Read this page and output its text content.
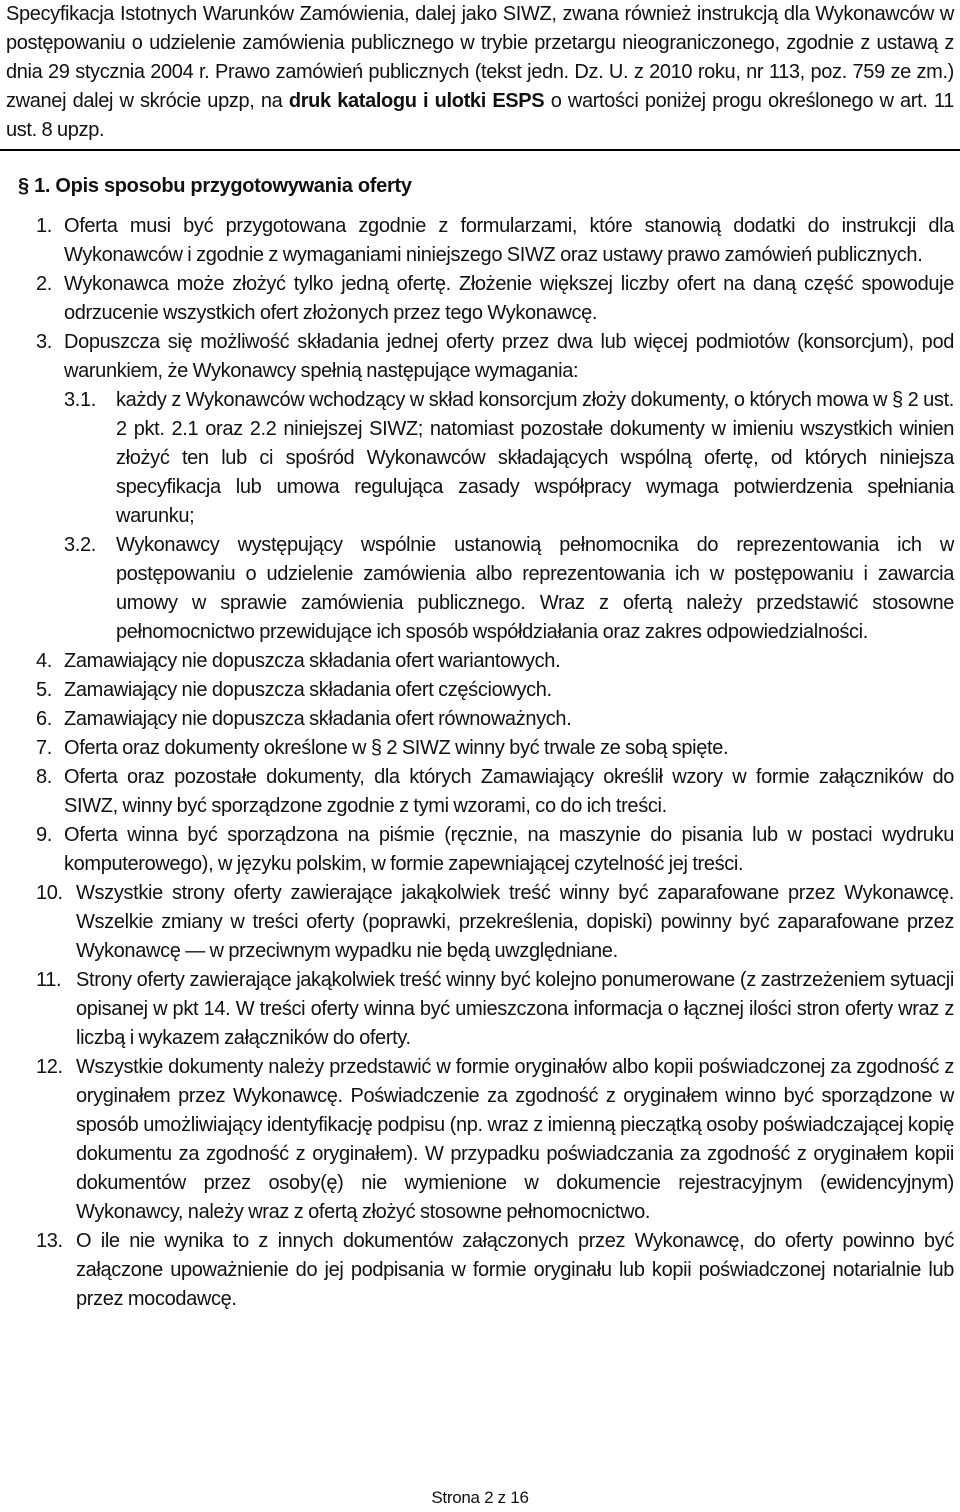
Specyfikacja Istotnych Warunków Zamówienia, dalej jako SIWZ, zwana również instrukcją dla Wykonawców w postępowaniu o udzielenie zamówienia publicznego w trybie przetargu nieograniczonego, zgodnie z ustawą z dnia 29 stycznia 2004 r. Prawo zamówień publicznych (tekst jedn. Dz. U. z 2010 roku, nr 113, poz. 759 ze zm.) zwanej dalej w skrócie upzp, na druk katalogu i ulotki ESPS o wartości poniżej progu określonego w art. 11 ust. 8 upzp.

§ 1. Opis sposobu przygotowywania oferty
1. Oferta musi być przygotowana zgodnie z formularzami, które stanowią dodatki do instrukcji dla Wykonawców i zgodnie z wymaganiami niniejszego SIWZ oraz ustawy prawo zamówień publicznych.
2. Wykonawca może złożyć tylko jedną ofertę. Złożenie większej liczby ofert na daną część spowoduje odrzucenie wszystkich ofert złożonych przez tego Wykonawcę.
3. Dopuszcza się możliwość składania jednej oferty przez dwa lub więcej podmiotów (konsorcjum), pod warunkiem, że Wykonawcy spełnią następujące wymagania:
3.1.	każdy z Wykonawców wchodzący w skład konsorcjum złoży dokumenty, o których mowa w § 2 ust. 2 pkt. 2.1 oraz 2.2 niniejszej SIWZ; natomiast pozostałe dokumenty w imieniu wszystkich winien złożyć ten lub ci spośród Wykonawców składających wspólną ofertę, od których niniejsza specyfikacja lub umowa regulująca zasady współpracy wymaga potwierdzenia spełniania warunku;
3.2.	Wykonawcy występujący wspólnie ustanowią pełnomocnika do reprezentowania ich w postępowaniu o udzielenie zamówienia albo reprezentowania ich w postępowaniu i zawarcia umowy w sprawie zamówienia publicznego. Wraz z ofertą należy przedstawić stosowne pełnomocnictwo przewidujące ich sposób współdziałania oraz zakres odpowiedzialności.
4. Zamawiający nie dopuszcza składania ofert wariantowych.
5. Zamawiający nie dopuszcza składania ofert częściowych.
6. Zamawiający nie dopuszcza składania ofert równoważnych.
7. Oferta oraz dokumenty określone w § 2 SIWZ winny być trwale ze sobą spięte.
8. Oferta oraz pozostałe dokumenty, dla których Zamawiający określił wzory w formie załączników do SIWZ, winny być sporządzone zgodnie z tymi wzorami, co do ich treści.
9. Oferta winna być sporządzona na piśmie (ręcznie, na maszynie do pisania lub w postaci wydruku komputerowego), w języku polskim, w formie zapewniającej czytelność jej treści.
10. Wszystkie strony oferty zawierające jakąkolwiek treść winny być zaparafowane przez Wykonawcę. Wszelkie zmiany w treści oferty (poprawki, przekreślenia, dopiski) powinny być zaparafowane przez Wykonawcę — w przeciwnym wypadku nie będą uwzględniane.
11. Strony oferty zawierające jakąkolwiek treść winny być kolejno ponumerowane (z zastrzeżeniem sytuacji opisanej w pkt 14. W treści oferty winna być umieszczona informacja o łącznej ilości stron oferty wraz z liczbą i wykazem załączników do oferty.
12. Wszystkie dokumenty należy przedstawić w formie oryginałów albo kopii poświadczonej za zgodność z oryginałem przez Wykonawcę. Poświadczenie za zgodność z oryginałem winno być sporządzone w sposób umożliwiający identyfikację podpisu (np. wraz z imienną pieczątką osoby poświadczającej kopię dokumentu za zgodność z oryginałem). W przypadku poświadczania za zgodność z oryginałem kopii dokumentów przez osoby(ę) nie wymienione w dokumencie rejestracyjnym (ewidencyjnym) Wykonawcy, należy wraz z ofertą złożyć stosowne pełnomocnictwo.
13. O ile nie wynika to z innych dokumentów załączonych przez Wykonawcę, do oferty powinno być załączone upoważnienie do jej podpisania w formie oryginału lub kopii poświadczonej notarialnie lub przez mocodawcę.
Strona 2 z 16
